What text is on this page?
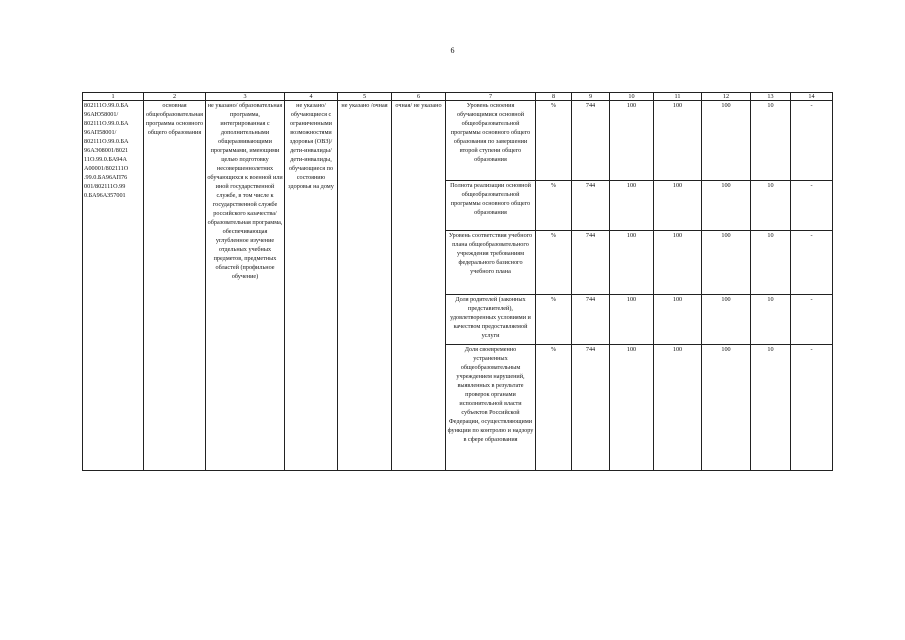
6
1	2	3	4	5	6	7	8	9	10	11	12	13	14
802111О.99.0.БА 96АЮ58001/ 802111О.99.0.БА 96АП58001/ 802111О.99.0.БА 96АЭ08001/8021 11О.99.0.БА94А А00001/802111О .99.0.БА96АП76 001/802111О.99 0.БА96АЗ57001	основная общеобразовательная программа основного общего образования	не указано/ образовательная программа, интегрированная с дополнительными общеразвивающими программами, имеющими целью подготовку несовершеннолетних обучающихся к военной или иной государственной службе, в том числе к государственной службе российского казачества/образовательная программа, обеспечивающая углубленное изучение отдельных учебных предметов, предметных областей (профильное обучение)	не указано/ обучающиеся с ограниченными возможностями здоровья (ОВЗ)/дети-инвалиды/дети-инвалиды, обучающиеся по состоянию здоровья на дому	не указано /очная	очная/ не указано	Уровень освоения обучающимися основной общеобразовательной программы основного общего образования по завершении второй ступени общего образования	%	744	100	100	100	10	-
						Полнота реализации основной общеобразовательной программы основного общего образования	%	744	100	100	100	10	-
						Уровень соответствия учебного плана общеобразовательного учреждения требованиям федерального базисного учебного плана	%	744	100	100	100	10	-
						Доля родителей (законных представителей), удовлетворенных условиями и качеством предоставляемой услуги	%	744	100	100	100	10	-
						Доля своевременно устраненных общеобразовательным учреждением нарушений, выявленных в результате проверок органами исполнительной власти субъектов Российской Федерации, осуществляющими функции по контролю и надзору в сфере образования	%	744	100	100	100	10	-
